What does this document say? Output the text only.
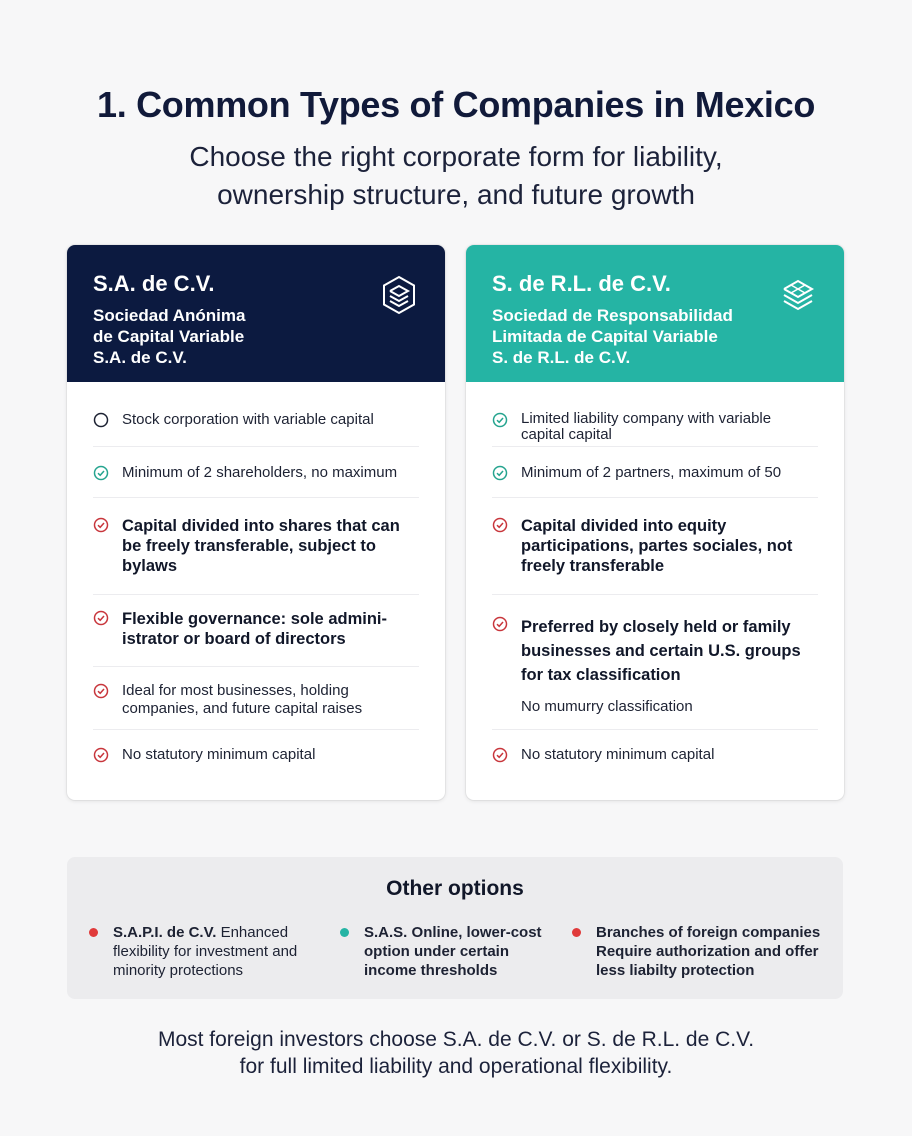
1. Common Types of Companies in Mexico
Choose the right corporate form for liability,
ownership structure, and future growth
S.A. de C.V.
Sociedad Anónima
de Capital Variable
S.A. de C.V.
Stock corporation with variable capital
Minimum of 2 shareholders, no maximum
Capital divided into shares that can be freely transferable, subject to bylaws
Flexible governance: sole admini- istrator or board of directors
Ideal for most businesses, holding companies, and future capital raises
No statutory minimum capital
S. de R.L. de C.V.
Sociedad de Responsabilidad
Limitada de Capital Variable
S. de R.L. de C.V.
Limited liability company with variable capital capital
Minimum of 2 partners, maximum of 50
Capital divided into equity participations, partes sociales, not freely transferable
Preferred by closely held or family businesses and certain U.S. groups for tax classification
No mumurry classification
No statutory minimum capital
Other options
S.A.P.I. de C.V. Enhanced flexibility for investment and minority protections
S.A.S. Online, lower-cost option under certain income thresholds
Branches of foreign companies Require authorization and offer less liabilty protection
Most foreign investors choose S.A. de C.V. or S. de R.L. de C.V.
for full limited liability and operational flexibility.
